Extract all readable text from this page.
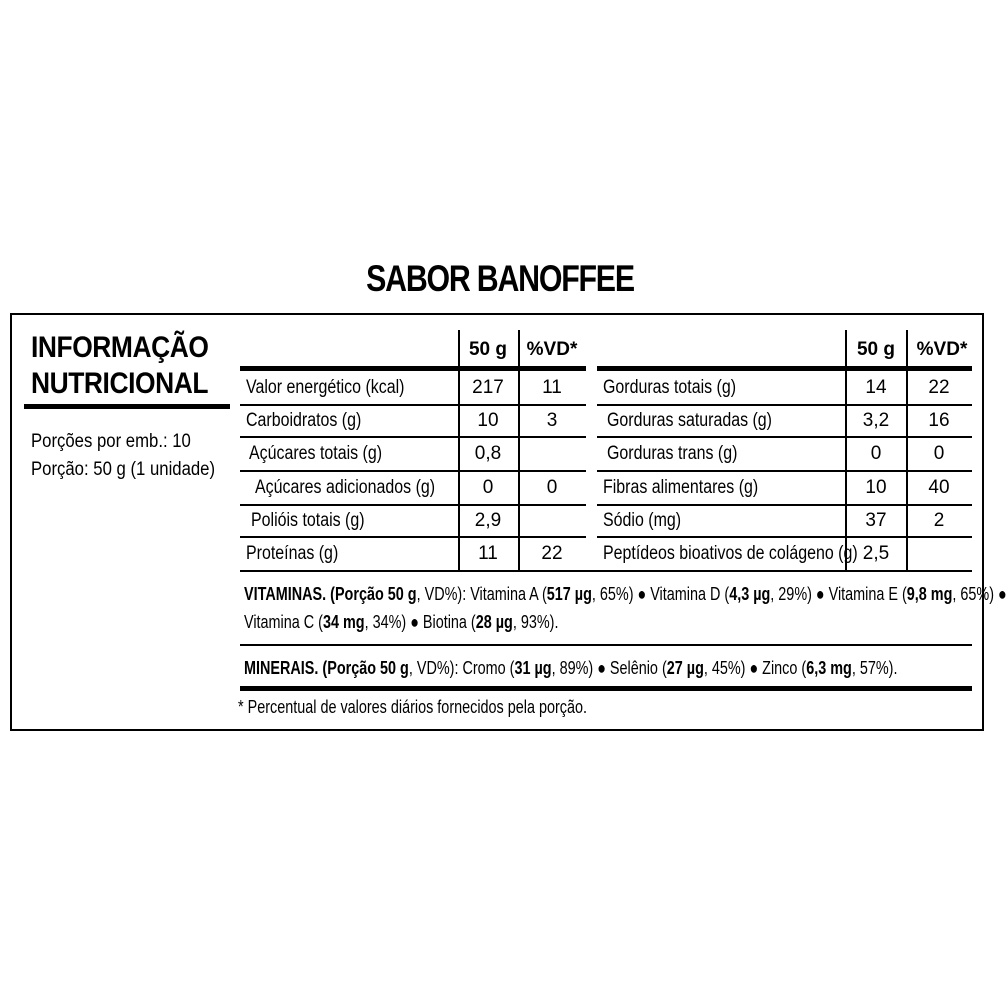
SABOR BANOFFEE
INFORMAÇÃO
NUTRICIONAL
Porções por emb.: 10
Porção: 50 g (1 unidade)
50 g	%VD*	50 g	%VD*
Valor energético (kcal)	217	11
Carboidratos (g)	10	3
Açúcares totais (g)	0,8
Açúcares adicionados (g)	0	0
Polióis totais (g)	2,9
Proteínas (g)	11	22
Gorduras totais (g)	14	22
Gorduras saturadas (g)	3,2	16
Gorduras trans (g)	0	0
Fibras alimentares (g)	10	40
Sódio (mg)	37	2
Peptídeos bioativos de colágeno (g) 2,5
VITAMINAS. (Porção 50 g, VD%): Vitamina A (517 µg, 65%) ● Vitamina D (4,3 µg, 29%) ● Vitamina E (9,8 mg, 65%) ●
Vitamina C (34 mg, 34%) ● Biotina (28 µg, 93%).
MINERAIS. (Porção 50 g, VD%): Cromo (31 µg, 89%) ● Selênio (27 µg, 45%) ● Zinco (6,3 mg, 57%).
* Percentual de valores diários fornecidos pela porção.
